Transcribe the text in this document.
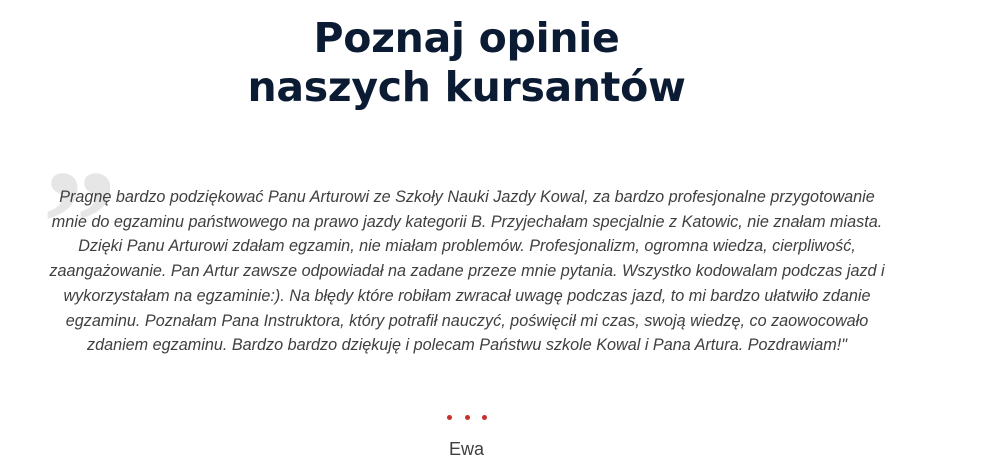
Poznaj opinie
naszych kursantów
”

Pragnę bardzo podziękować Panu Arturowi ze Szkoły Nauki Jazdy Kowal, za bardzo profesjonalne przygotowanie mnie do egzaminu państwowego na prawo jazdy kategorii B. Przyjechałam specjalnie z Katowic, nie znałam miasta. Dzięki Panu Arturowi zdałam egzamin, nie miałam problemów. Profesjonalizm, ogromna wiedza, cierpliwość, zaangażowanie. Pan Artur zawsze odpowiadał na zadane przeze mnie pytania. Wszystko kodowalam podczas jazd i wykorzystałam na egzaminie:). Na błędy które robiłam zwracał uwagę podczas jazd, to mi bardzo ułatwiło zdanie egzaminu. Poznałam Pana Instruktora, który potrafił nauczyć, poświęcił mi czas, swoją wiedzę, co zaowocowało zdaniem egzaminu. Bardzo bardzo dziękuję i polecam Państwu szkole Kowal i Pana Artura. Pozdrawiam!"

Ewa
